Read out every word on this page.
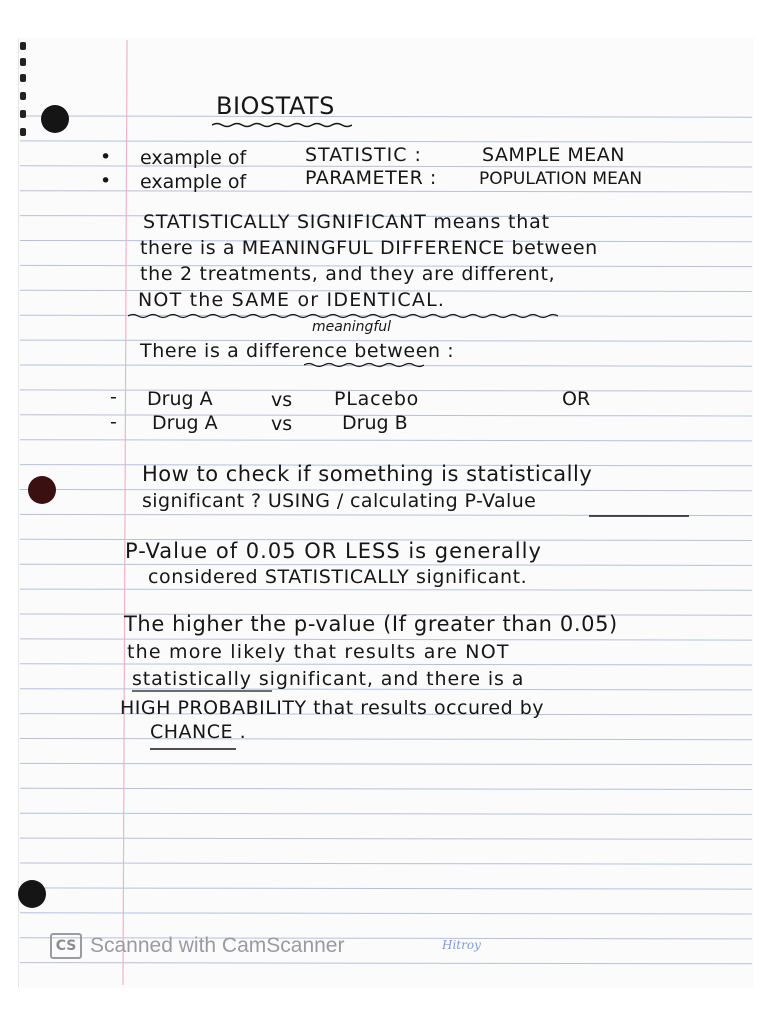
BIOSTATS
• example of	STATISTIC :	SAMPLE MEAN
• example of	PARAMETER : POPULATION MEAN
STATISTICALLY SIGNIFICANT means that
there is a MEANINGFUL DIFFERENCE between
the 2 treatments, and they are different,
NOT the SAME or IDENTICAL.
meaningful
There is a difference between :
- Drug A	vs PLacebo	OR
- Drug A	vs	Drug B
How to check if something is statistically
significant ? USING / calculating P-Value
P-Value of 0.05 OR LESS is generally
considered STATISTICALLY significant.
The higher the p-value (If greater than 0.05)
the more likely that results are NOT
statistically significant, and there is a
HIGH PROBABILITY that results occured by
CHANCE .
CS Scanned with CamScanner	Hitroy
